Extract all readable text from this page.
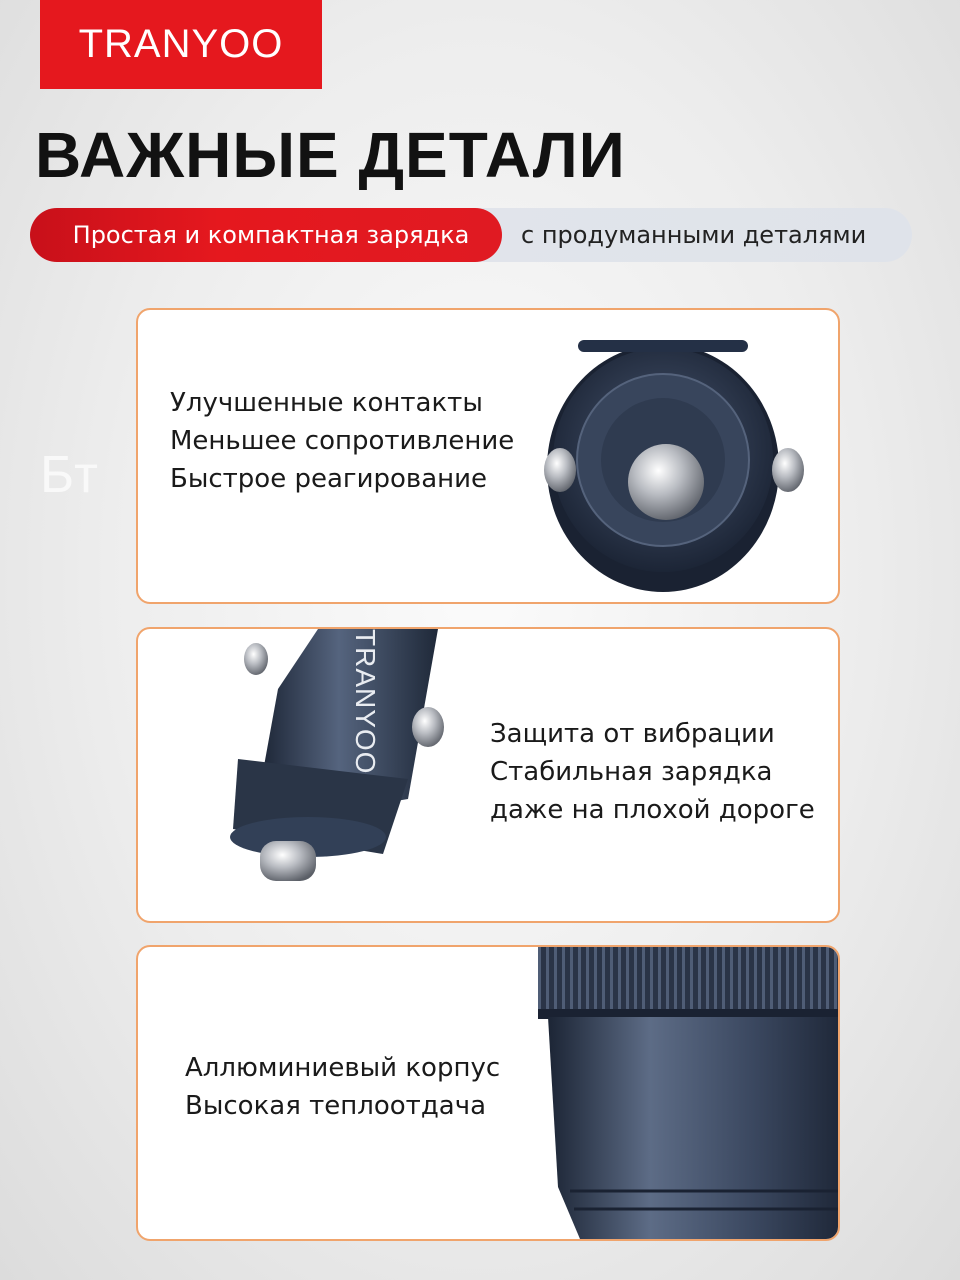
TRANYOO
ВАЖНЫЕ ДЕТАЛИ
Простая и компактная зарядка с продуманными деталями
Бт
Улучшенные контакты
Меньшее сопротивление
Быстрое реагирование
TRANYOO	Защита от вибрации
Стабильная зарядка
даже на плохой дороге
Аллюминиевый корпус
Высокая теплоотдача
